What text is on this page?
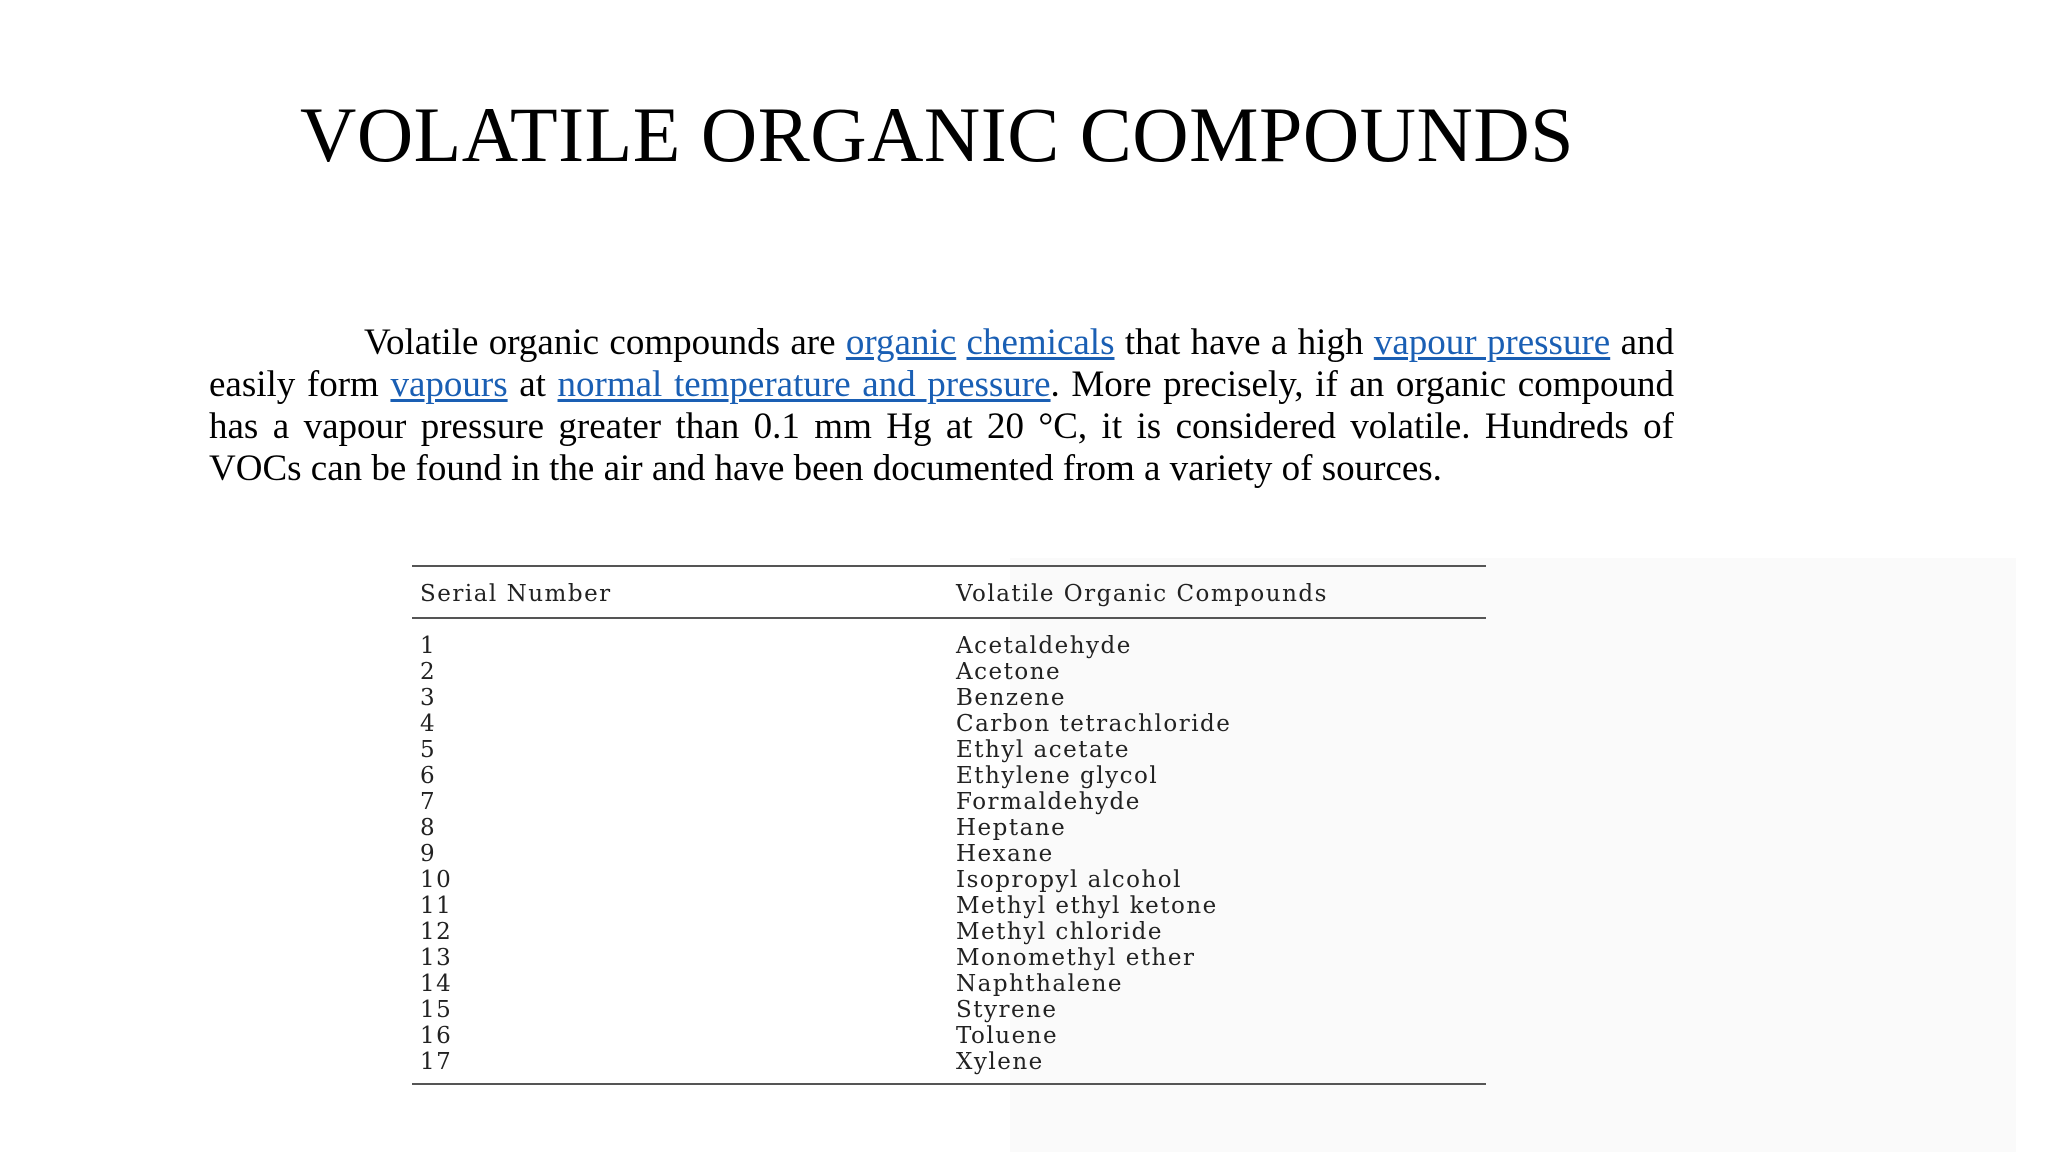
VOLATILE ORGANIC COMPOUNDS

Volatile organic compounds are organic chemicals that have a high vapour pressure and easily form vapours at normal temperature and pressure. More precisely, if an organic compound has a vapour pressure greater than 0.1 mm Hg at 20 °C, it is considered volatile. Hundreds of VOCs can be found in the air and have been documented from a variety of sources.

Serial Number	Volatile Organic Compounds
1	Acetaldehyde
2	Acetone
3	Benzene
4	Carbon tetrachloride
5	Ethyl acetate
6	Ethylene glycol
7	Formaldehyde
8	Heptane
9	Hexane
10	Isopropyl alcohol
11	Methyl ethyl ketone
12	Methyl chloride
13	Monomethyl ether
14	Naphthalene
15	Styrene
16	Toluene
17	Xylene
